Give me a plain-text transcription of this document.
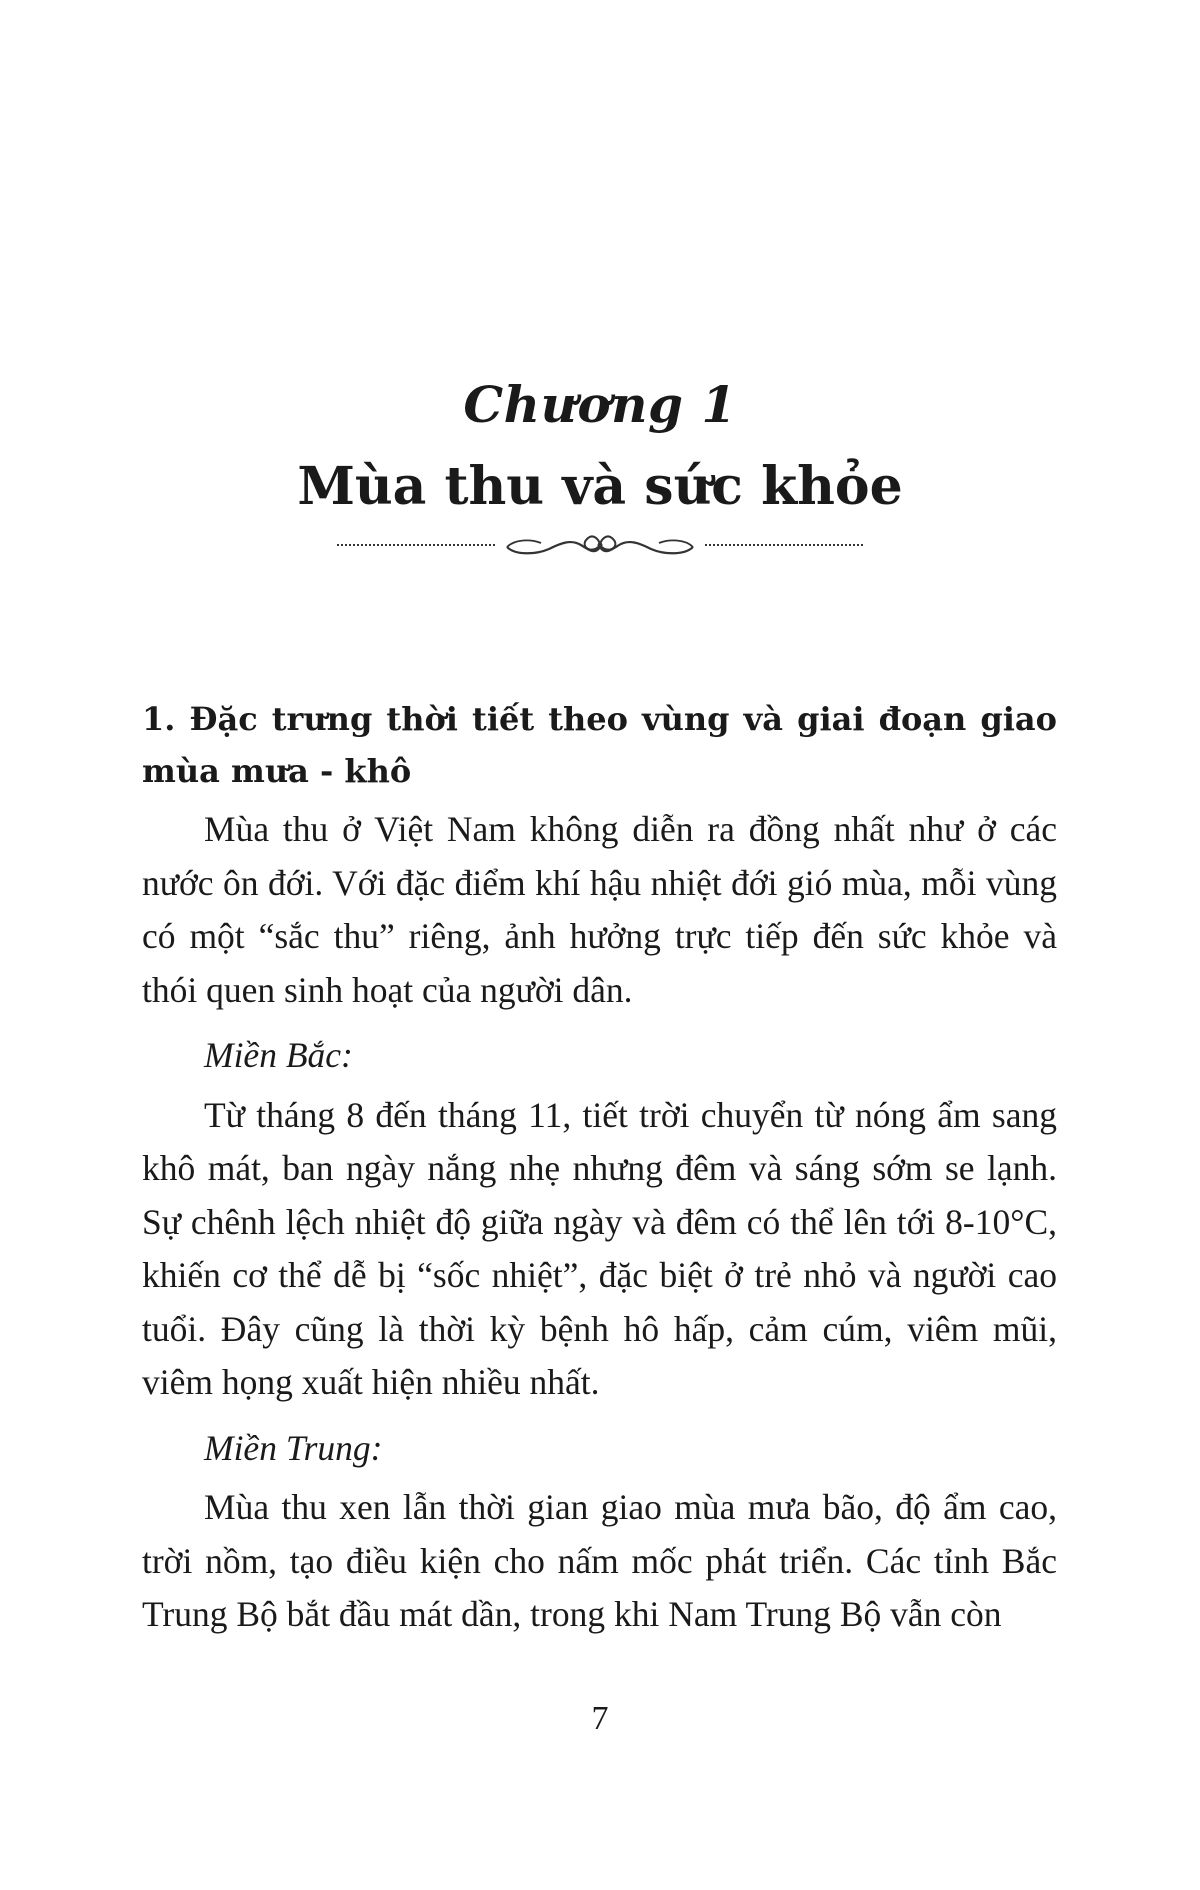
Chương 1
Mùa thu và sức khỏe
1. Đặc trưng thời tiết theo vùng và giai đoạn giao mùa mưa - khô

Mùa thu ở Việt Nam không diễn ra đồng nhất như ở các nước ôn đới. Với đặc điểm khí hậu nhiệt đới gió mùa, mỗi vùng có một “sắc thu” riêng, ảnh hưởng trực tiếp đến sức khỏe và thói quen sinh hoạt của người dân.

Miền Bắc:

Từ tháng 8 đến tháng 11, tiết trời chuyển từ nóng ẩm sang khô mát, ban ngày nắng nhẹ nhưng đêm và sáng sớm se lạnh. Sự chênh lệch nhiệt độ giữa ngày và đêm có thể lên tới 8-10°C, khiến cơ thể dễ bị “sốc nhiệt”, đặc biệt ở trẻ nhỏ và người cao tuổi. Đây cũng là thời kỳ bệnh hô hấp, cảm cúm, viêm mũi, viêm họng xuất hiện nhiều nhất.

Miền Trung:

Mùa thu xen lẫn thời gian giao mùa mưa bão, độ ẩm cao, trời nồm, tạo điều kiện cho nấm mốc phát triển. Các tỉnh Bắc Trung Bộ bắt đầu mát dần, trong khi Nam Trung Bộ vẫn còn

7
